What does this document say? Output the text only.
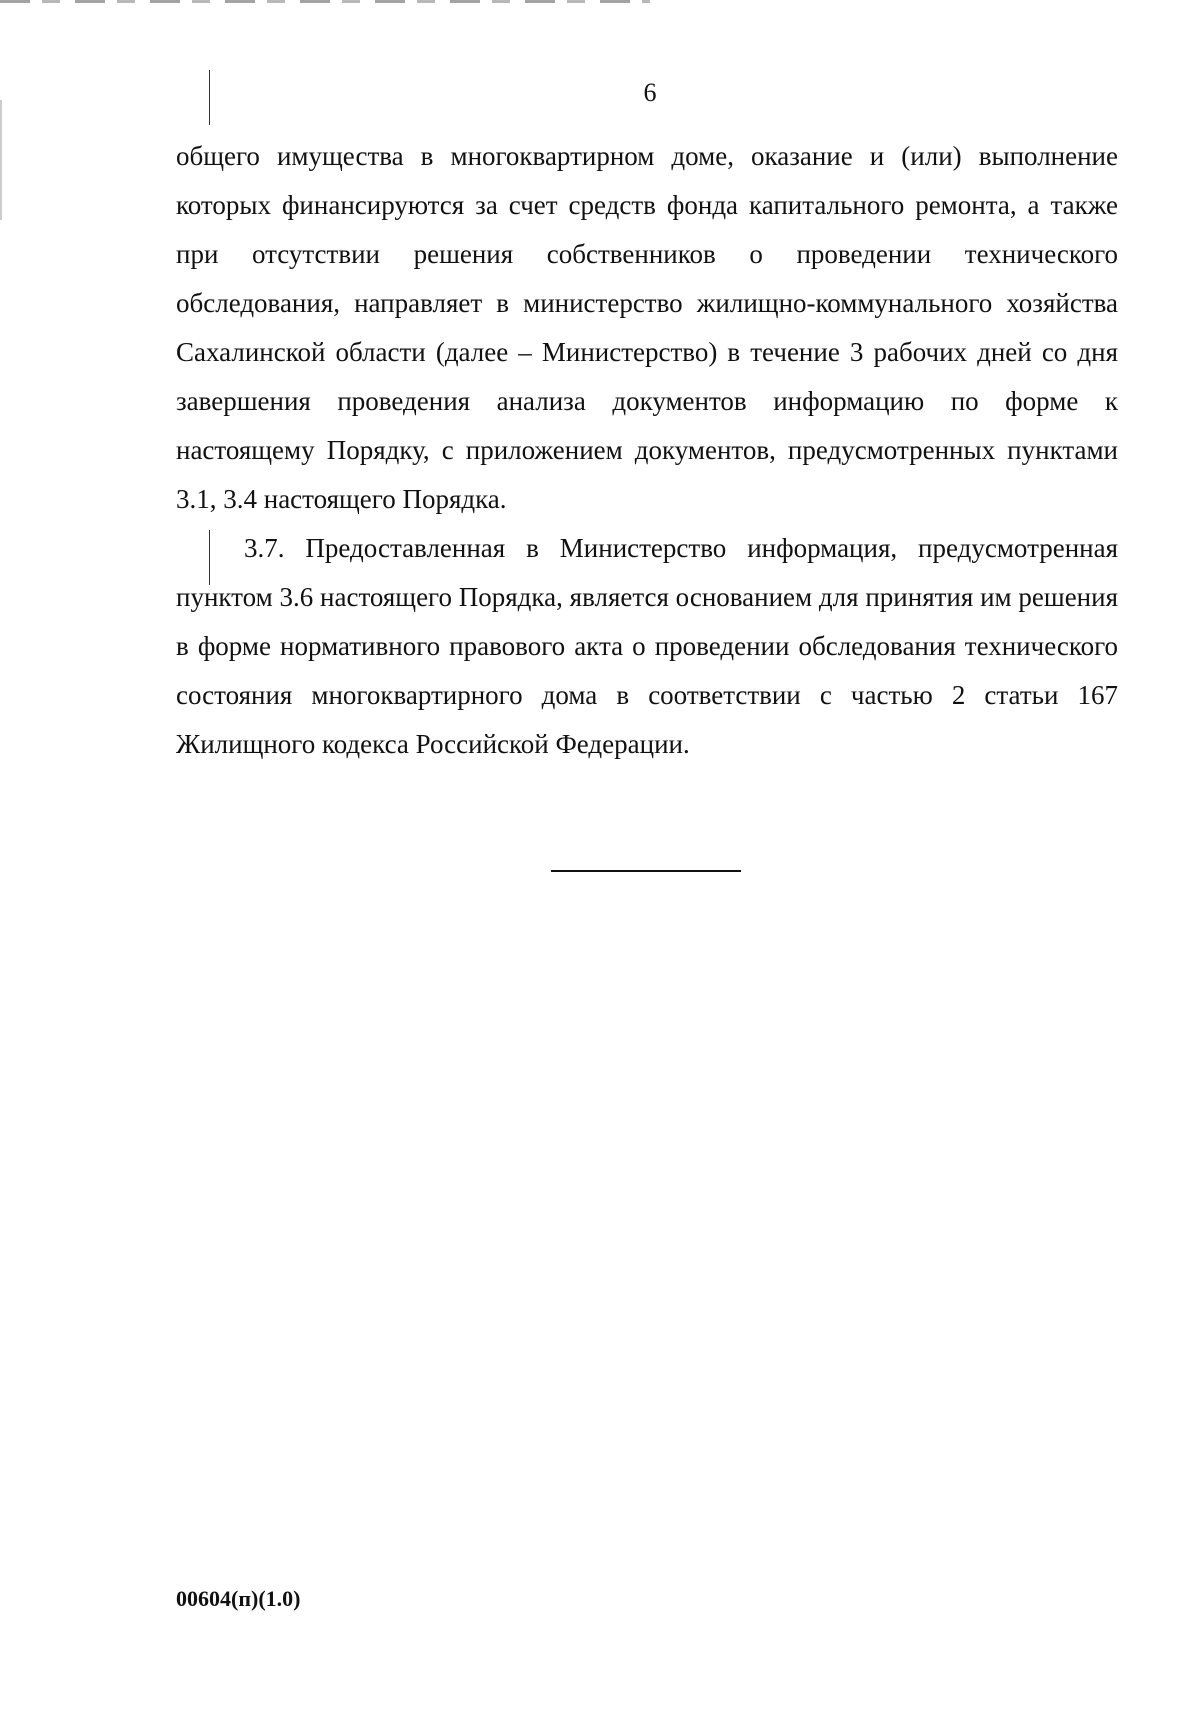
6

общего имущества в многоквартирном доме, оказание и (или) выполнение которых финансируются за счет средств фонда капитального ремонта, а также при отсутствии решения собственников о проведении технического обследования, направляет в министерство жилищно-коммунального хозяйства Сахалинской области (далее – Министерство) в течение 3 рабочих дней со дня завершения проведения анализа документов информацию по форме к настоящему Порядку, с приложением документов, предусмотренных пунктами 3.1, 3.4 настоящего Порядка.

3.7. Предоставленная в Министерство информация, предусмотренная пунктом 3.6 настоящего Порядка, является основанием для принятия им решения в форме нормативного правового акта о проведении обследования технического состояния многоквартирного дома в соответствии с частью 2 статьи 167 Жилищного кодекса Российской Федерации.

00604(п)(1.0)
